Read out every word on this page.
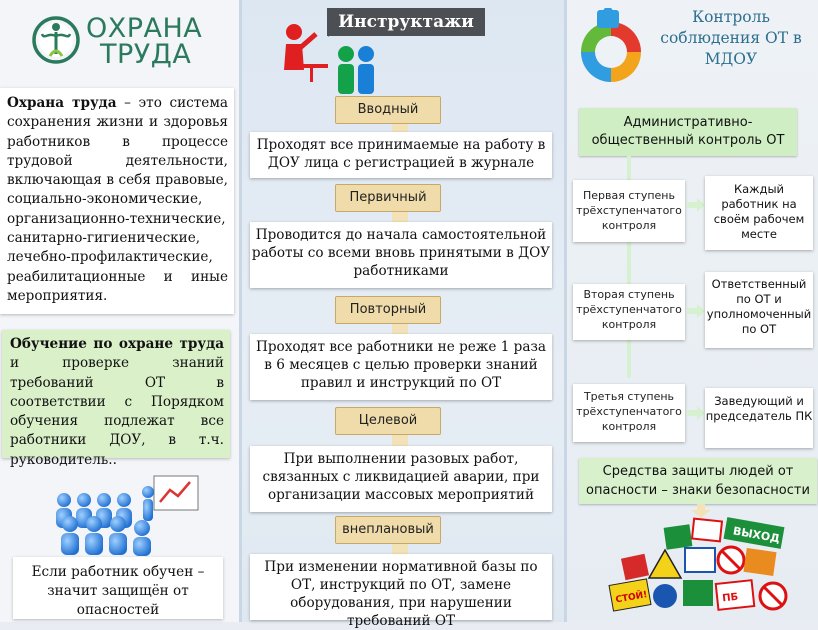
ОХРАНА
ТРУДА

Охрана труда – это система сохранения жизни и здоровья работников в процессе трудовой деятельности, включающая в себя правовые, социально-экономические, организационно-технические, санитарно-гигиенические, лечебно-профилактические, реабилитационные и иные мероприятия.

Обучение по охране труда и проверке знаний требований ОТ в соответствии с Порядком обучения подлежат все работники ДОУ, в т.ч. руководитель..

Если работник обучен – значит защищён от опасностей
Инструктажи
Вводный
Проходят все принимаемые на работу в ДОУ лица с регистрацией в журнале
Первичный
Проводится до начала самостоятельной работы со всеми вновь принятыми в ДОУ работниками
Повторный
Проходят все работники не реже 1 раза в 6 месяцев с целью проверки знаний правил и инструкций по ОТ
Целевой
При выполнении разовых работ, связанных с ликвидацией аварии, при организации массовых мероприятий
внеплановый
При изменении нормативной базы по ОТ, инструкций по ОТ, замене оборудования, при нарушении требований ОТ
Контроль соблюдения ОТ в МДОУ
Административно-общественный контроль ОТ
Первая ступень трёхступенчатого контроля
Каждый работник на своём рабочем месте
Вторая ступень трёхступенчатого контроля
Ответственный по ОТ и уполномоченный по ОТ
Третья ступень трёхступенчатого контроля
Заведующий и председатель ПК
Средства защиты людей от опасности – знаки безопасности
ВЫХОД
СТОЙ!	ПБ
